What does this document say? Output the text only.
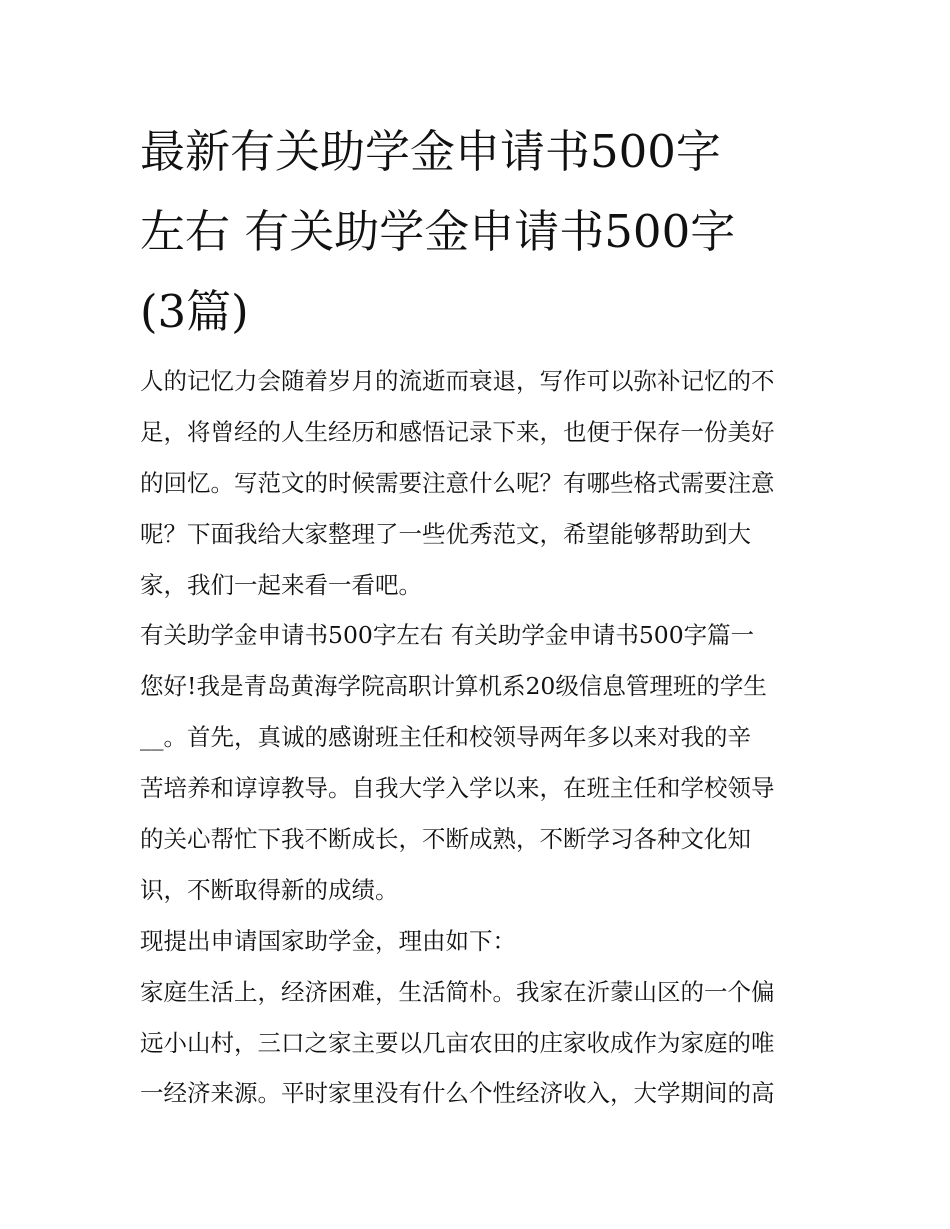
最新有关助学金申请书500字
左右 有关助学金申请书500字
(3篇)
人的记忆力会随着岁月的流逝而衰退，写作可以弥补记忆的不
足，将曾经的人生经历和感悟记录下来，也便于保存一份美好
的回忆。写范文的时候需要注意什么呢？有哪些格式需要注意
呢？下面我给大家整理了一些优秀范文，希望能够帮助到大
家，我们一起来看一看吧。
有关助学金申请书500字左右 有关助学金申请书500字篇一
您好!我是青岛黄海学院高职计算机系20级信息管理班的学生
__。首先，真诚的感谢班主任和校领导两年多以来对我的辛
苦培养和谆谆教导。自我大学入学以来，在班主任和学校领导
的关心帮忙下我不断成长，不断成熟，不断学习各种文化知
识，不断取得新的成绩。
现提出申请国家助学金，理由如下：
家庭生活上，经济困难，生活简朴。我家在沂蒙山区的一个偏
远小山村，三口之家主要以几亩农田的庄家收成作为家庭的唯
一经济来源。平时家里没有什么个性经济收入，大学期间的高
